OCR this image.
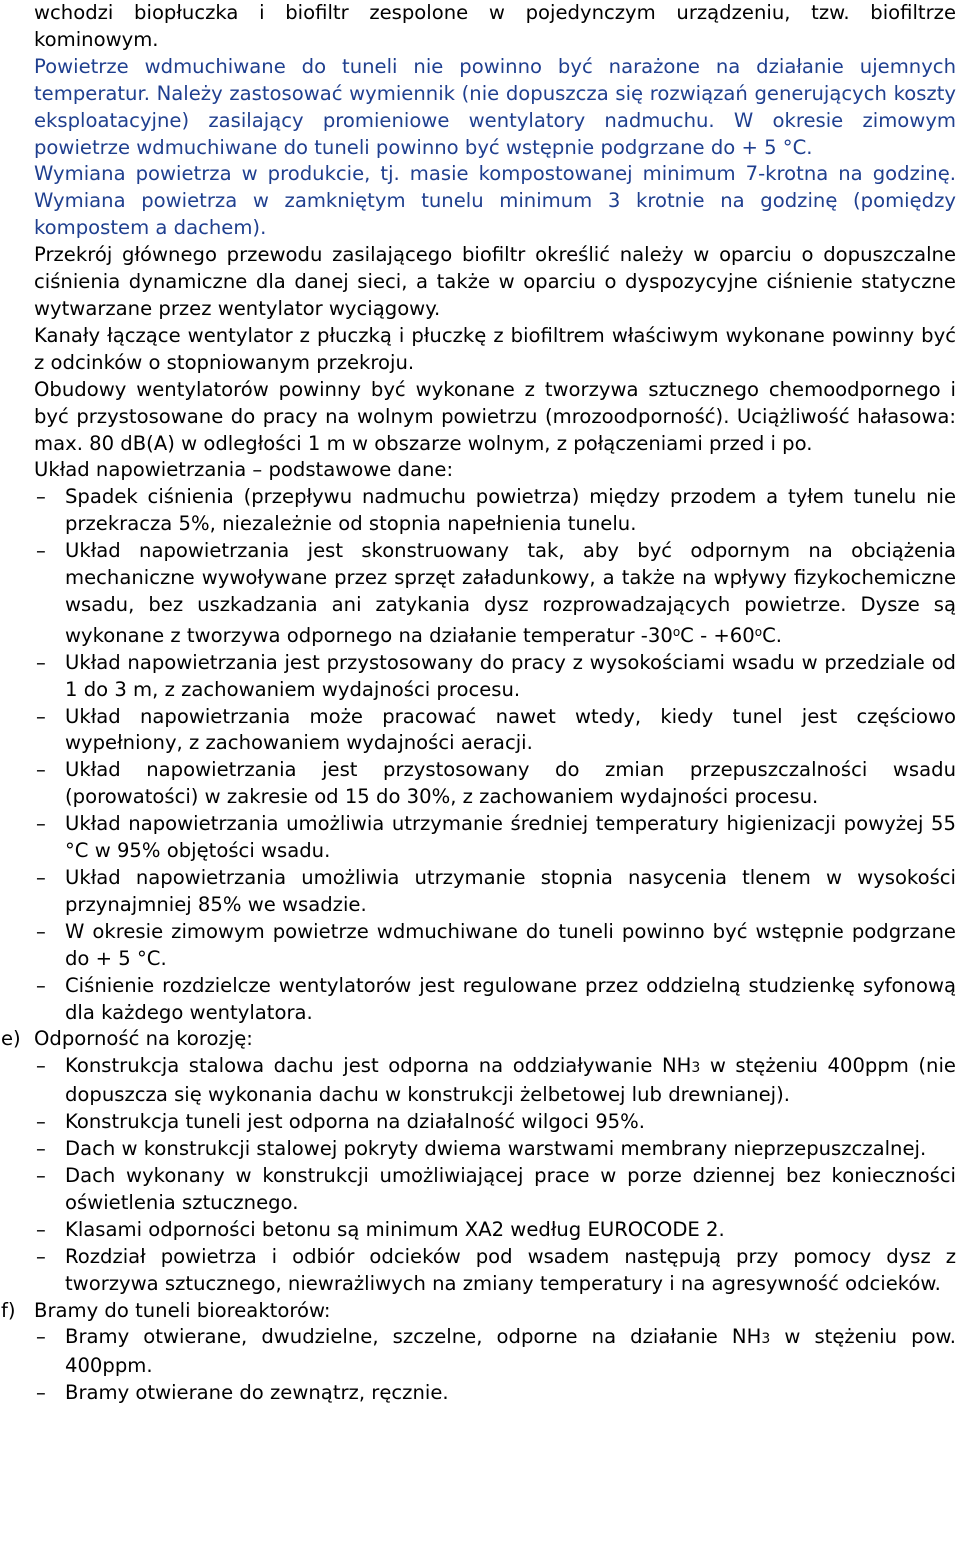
wchodzi biopłuczka i biofiltr zespolone w pojedynczym urządzeniu, tzw. biofiltrze kominowym.

Powietrze wdmuchiwane do tuneli nie powinno być narażone na działanie ujemnych temperatur. Należy zastosować wymiennik (nie dopuszcza się rozwiązań generujących koszty eksploatacyjne) zasilający promieniowe wentylatory nadmuchu. W okresie zimowym powietrze wdmuchiwane do tuneli powinno być wstępnie podgrzane do + 5 °C.

Wymiana powietrza w produkcie, tj. masie kompostowanej minimum 7-krotna na godzinę. Wymiana powietrza w zamkniętym tunelu minimum 3 krotnie na godzinę (pomiędzy kompostem a dachem).

Przekrój głównego przewodu zasilającego biofiltr określić należy w oparciu o dopuszczalne ciśnienia dynamiczne dla danej sieci, a także w oparciu o dyspozycyjne ciśnienie statyczne wytwarzane przez wentylator wyciągowy.

Kanały łączące wentylator z płuczką i płuczkę z biofiltrem właściwym wykonane powinny być z odcinków o stopniowanym przekroju.

Obudowy wentylatorów powinny być wykonane z tworzywa sztucznego chemoodpornego i być przystosowane do pracy na wolnym powietrzu (mrozoodporność). Uciążliwość hałasowa: max. 80 dB(A) w odległości 1 m w obszarze wolnym, z połączeniami przed i po.

Układ napowietrzania – podstawowe dane:

– Spadek ciśnienia (przepływu nadmuchu powietrza) między przodem a tyłem tunelu nie przekracza 5%, niezależnie od stopnia napełnienia tunelu.
– Układ napowietrzania jest skonstruowany tak, aby być odpornym na obciążenia mechaniczne wywoływane przez sprzęt załadunkowy, a także na wpływy fizykochemiczne wsadu, bez uszkadzania ani zatykania dysz rozprowadzających powietrze. Dysze są wykonane z tworzywa odpornego na działanie temperatur $-30^oC - +60^oC$.
– Układ napowietrzania jest przystosowany do pracy z wysokościami wsadu w przedziale od 1 do 3 m, z zachowaniem wydajności procesu.
– Układ napowietrzania może pracować nawet wtedy, kiedy tunel jest częściowo wypełniony, z zachowaniem wydajności aeracji.
– Układ napowietrzania jest przystosowany do zmian przepuszczalności wsadu (porowatości) w zakresie od 15 do 30%, z zachowaniem wydajności procesu.
– Układ napowietrzania umożliwia utrzymanie średniej temperatury higienizacji powyżej 55 °C w 95% objętości wsadu.
– Układ napowietrzania umożliwia utrzymanie stopnia nasycenia tlenem w wysokości przynajmniej 85% we wsadzie.
– W okresie zimowym powietrze wdmuchiwane do tuneli powinno być wstępnie podgrzane do + 5 °C.
– Ciśnienie rozdzielcze wentylatorów jest regulowane przez oddzielną studzienkę syfonową dla każdego wentylatora.
e) Odporność na korozję:
– Konstrukcja stalowa dachu jest odporna na oddziaływanie NH3 w stężeniu 400ppm (nie dopuszcza się wykonania dachu w konstrukcji żelbetowej lub drewnianej).
– Konstrukcja tuneli jest odporna na działalność wilgoci 95%.
– Dach w konstrukcji stalowej pokryty dwiema warstwami membrany nieprzepuszczalnej.
– Dach wykonany w konstrukcji umożliwiającej prace w porze dziennej bez konieczności oświetlenia sztucznego.
– Klasami odporności betonu są minimum XA2 według EUROCODE 2.
– Rozdział powietrza i odbiór odcieków pod wsadem następują przy pomocy dysz z tworzywa sztucznego, niewrażliwych na zmiany temperatury i na agresywność odcieków.
f) Bramy do tuneli bioreaktorów:
– Bramy otwierane, dwudzielne, szczelne, odporne na działanie NH3 w stężeniu pow. 400ppm.
– Bramy otwierane do zewnątrz, ręcznie.
